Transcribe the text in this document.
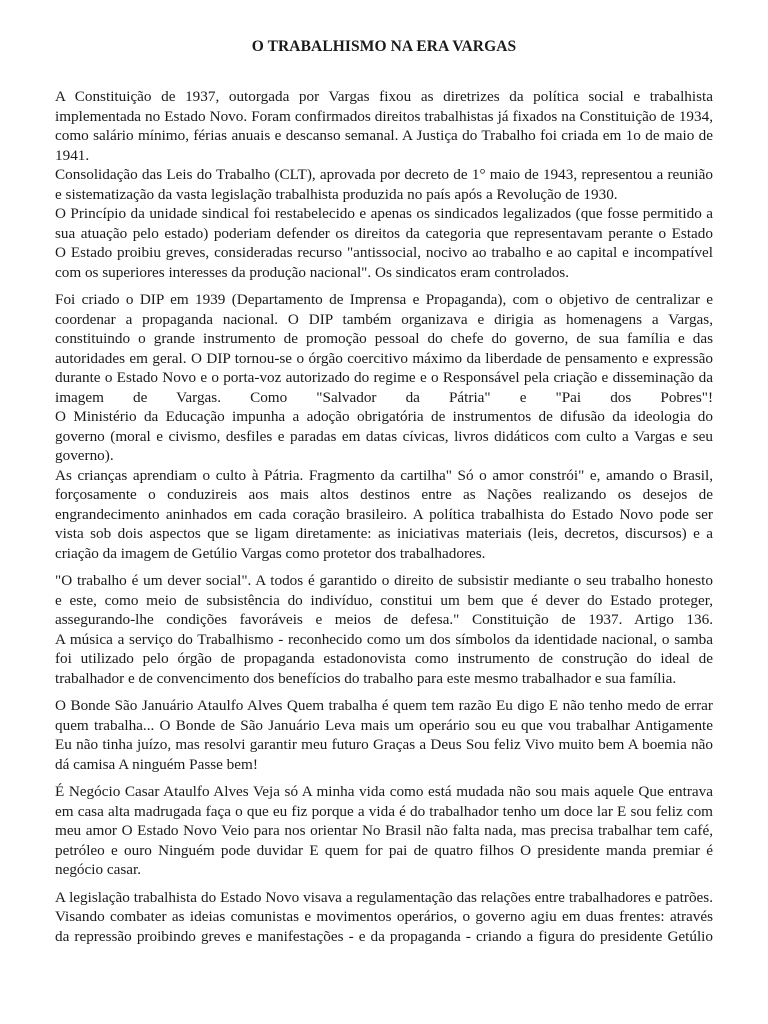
O TRABALHISMO NA ERA VARGAS
A Constituição de 1937, outorgada por Vargas fixou as diretrizes da política social e trabalhista
implementada no Estado Novo. Foram confirmados direitos trabalhistas já fixados na Constituição de 1934,
como salário mínimo, férias anuais e descanso semanal. A Justiça do Trabalho foi criada em 1o de maio de
1941.
Consolidação das Leis do Trabalho (CLT), aprovada por decreto de 1° maio de 1943, representou a reunião
e sistematização da vasta legislação trabalhista produzida no país após a Revolução de 1930.
O Princípio da unidade sindical foi restabelecido e apenas os sindicados legalizados (que fosse permitido a
sua atuação pelo estado) poderiam defender os direitos da categoria que representavam perante o Estado
O Estado proibiu greves, consideradas recurso "antissocial, nocivo ao trabalho e ao capital e incompatível
com os superiores interesses da produção nacional". Os sindicatos eram controlados.
Foi criado o DIP em 1939 (Departamento de Imprensa e Propaganda), com o objetivo de centralizar e
coordenar a propaganda nacional. O DIP também organizava e dirigia as homenagens a Vargas,
constituindo o grande instrumento de promoção pessoal do chefe do governo, de sua família e das
autoridades em geral. O DIP tornou-se o órgão coercitivo máximo da liberdade de pensamento e expressão
durante o Estado Novo e o porta-voz autorizado do regime e o Responsável pela criação e disseminação da
imagem de Vargas. Como "Salvador da Pátria" e "Pai dos Pobres"!
O Ministério da Educação impunha a adoção obrigatória de instrumentos de difusão da ideologia do
governo (moral e civismo, desfiles e paradas em datas cívicas, livros didáticos com culto a Vargas e seu
governo).
As crianças aprendiam o culto à Pátria. Fragmento da cartilha" Só o amor constrói" e, amando o Brasil,
forçosamente o conduzireis aos mais altos destinos entre as Nações realizando os desejos de
engrandecimento aninhados em cada coração brasileiro. A política trabalhista do Estado Novo pode ser
vista sob dois aspectos que se ligam diretamente: as iniciativas materiais (leis, decretos, discursos) e a
criação da imagem de Getúlio Vargas como protetor dos trabalhadores.
"O trabalho é um dever social". A todos é garantido o direito de subsistir mediante o seu trabalho honesto
e este, como meio de subsistência do indivíduo, constitui um bem que é dever do Estado proteger,
assegurando-lhe condições favoráveis e meios de defesa." Constituição de 1937. Artigo 136.
A música a serviço do Trabalhismo - reconhecido como um dos símbolos da identidade nacional, o samba
foi utilizado pelo órgão de propaganda estadonovista como instrumento de construção do ideal de
trabalhador e de convencimento dos benefícios do trabalho para este mesmo trabalhador e sua família.
O Bonde São Januário Ataulfo Alves Quem trabalha é quem tem razão Eu digo E não tenho medo de errar
quem trabalha... O Bonde de São Januário Leva mais um operário sou eu que vou trabalhar Antigamente
Eu não tinha juízo, mas resolvi garantir meu futuro Graças a Deus Sou feliz Vivo muito bem A boemia não
dá camisa A ninguém Passe bem!
É Negócio Casar Ataulfo Alves Veja só A minha vida como está mudada não sou mais aquele Que entrava
em casa alta madrugada faça o que eu fiz porque a vida é do trabalhador tenho um doce lar E sou feliz com
meu amor O Estado Novo Veio para nos orientar No Brasil não falta nada, mas precisa trabalhar tem café,
petróleo e ouro Ninguém pode duvidar E quem for pai de quatro filhos O presidente manda premiar é
negócio casar.
A legislação trabalhista do Estado Novo visava a regulamentação das relações entre trabalhadores e patrões.
Visando combater as ideias comunistas e movimentos operários, o governo agiu em duas frentes: através
da repressão proibindo greves e manifestações - e da propaganda - criando a figura do presidente Getúlio
